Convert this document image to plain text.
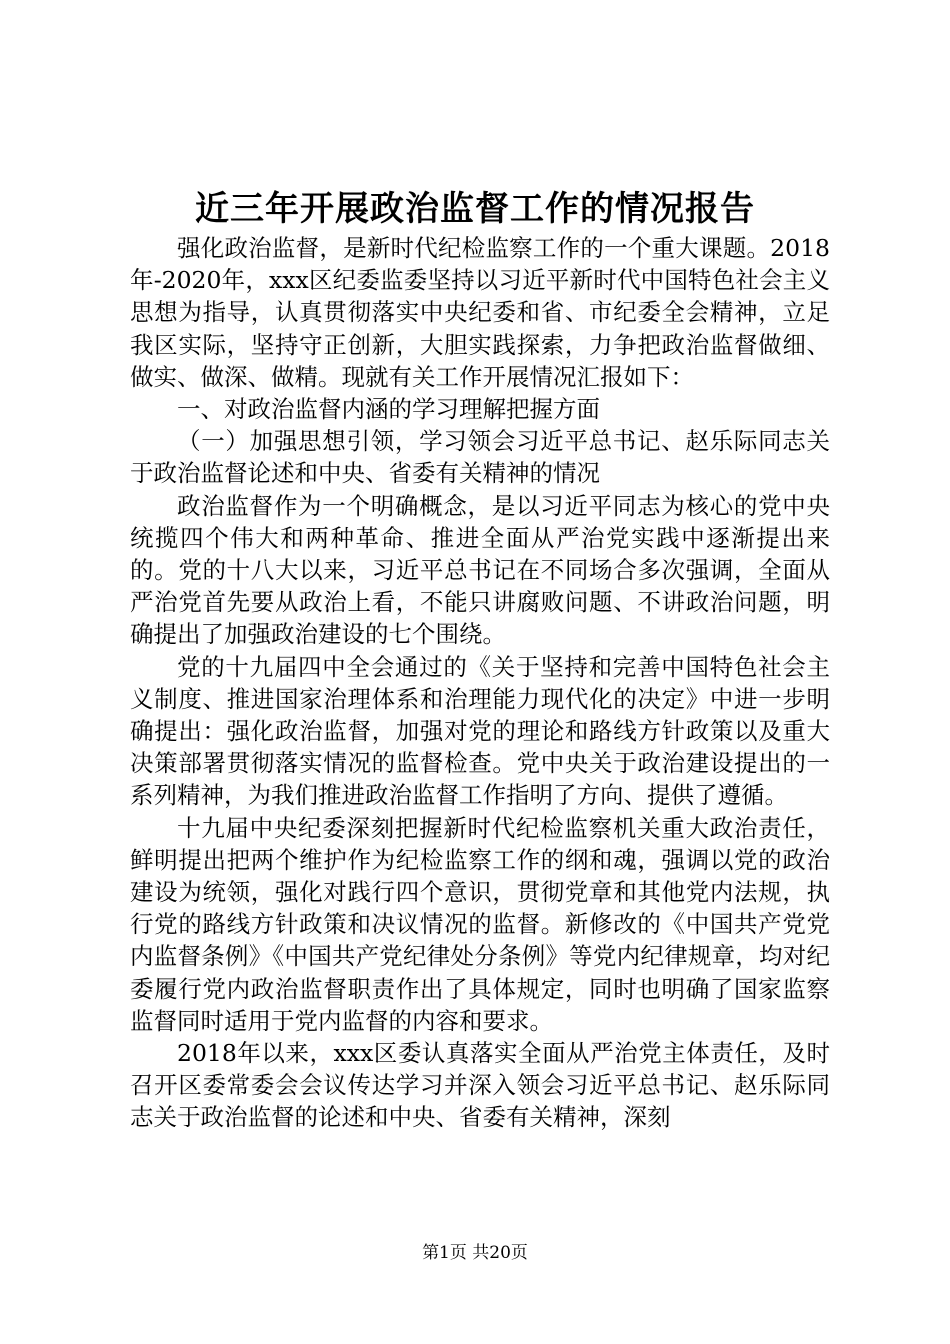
近三年开展政治监督工作的情况报告

强化政治监督，是新时代纪检监察工作的一个重大课题。2018年-2020年，xxx区纪委监委坚持以习近平新时代中国特色社会主义思想为指导，认真贯彻落实中央纪委和省、市纪委全会精神，立足我区实际，坚持守正创新，大胆实践探索，力争把政治监督做细、做实、做深、做精。现就有关工作开展情况汇报如下：

一、对政治监督内涵的学习理解把握方面

（一）加强思想引领，学习领会习近平总书记、赵乐际同志关于政治监督论述和中央、省委有关精神的情况

政治监督作为一个明确概念，是以习近平同志为核心的党中央统揽四个伟大和两种革命、推进全面从严治党实践中逐渐提出来的。党的十八大以来，习近平总书记在不同场合多次强调，全面从严治党首先要从政治上看，不能只讲腐败问题、不讲政治问题，明确提出了加强政治建设的七个围绕。

党的十九届四中全会通过的《关于坚持和完善中国特色社会主义制度、推进国家治理体系和治理能力现代化的决定》中进一步明确提出：强化政治监督，加强对党的理论和路线方针政策以及重大决策部署贯彻落实情况的监督检查。党中央关于政治建设提出的一系列精神，为我们推进政治监督工作指明了方向、提供了遵循。

十九届中央纪委深刻把握新时代纪检监察机关重大政治责任，鲜明提出把两个维护作为纪检监察工作的纲和魂，强调以党的政治建设为统领，强化对践行四个意识，贯彻党章和其他党内法规，执行党的路线方针政策和决议情况的监督。新修改的《中国共产党党内监督条例》《中国共产党纪律处分条例》等党内纪律规章，均对纪委履行党内政治监督职责作出了具体规定，同时也明确了国家监察监督同时适用于党内监督的内容和要求。

2018年以来，xxx区委认真落实全面从严治党主体责任，及时召开区委常委会会议传达学习并深入领会习近平总书记、赵乐际同志关于政治监督的论述和中央、省委有关精神，深刻

第1页 共20页
